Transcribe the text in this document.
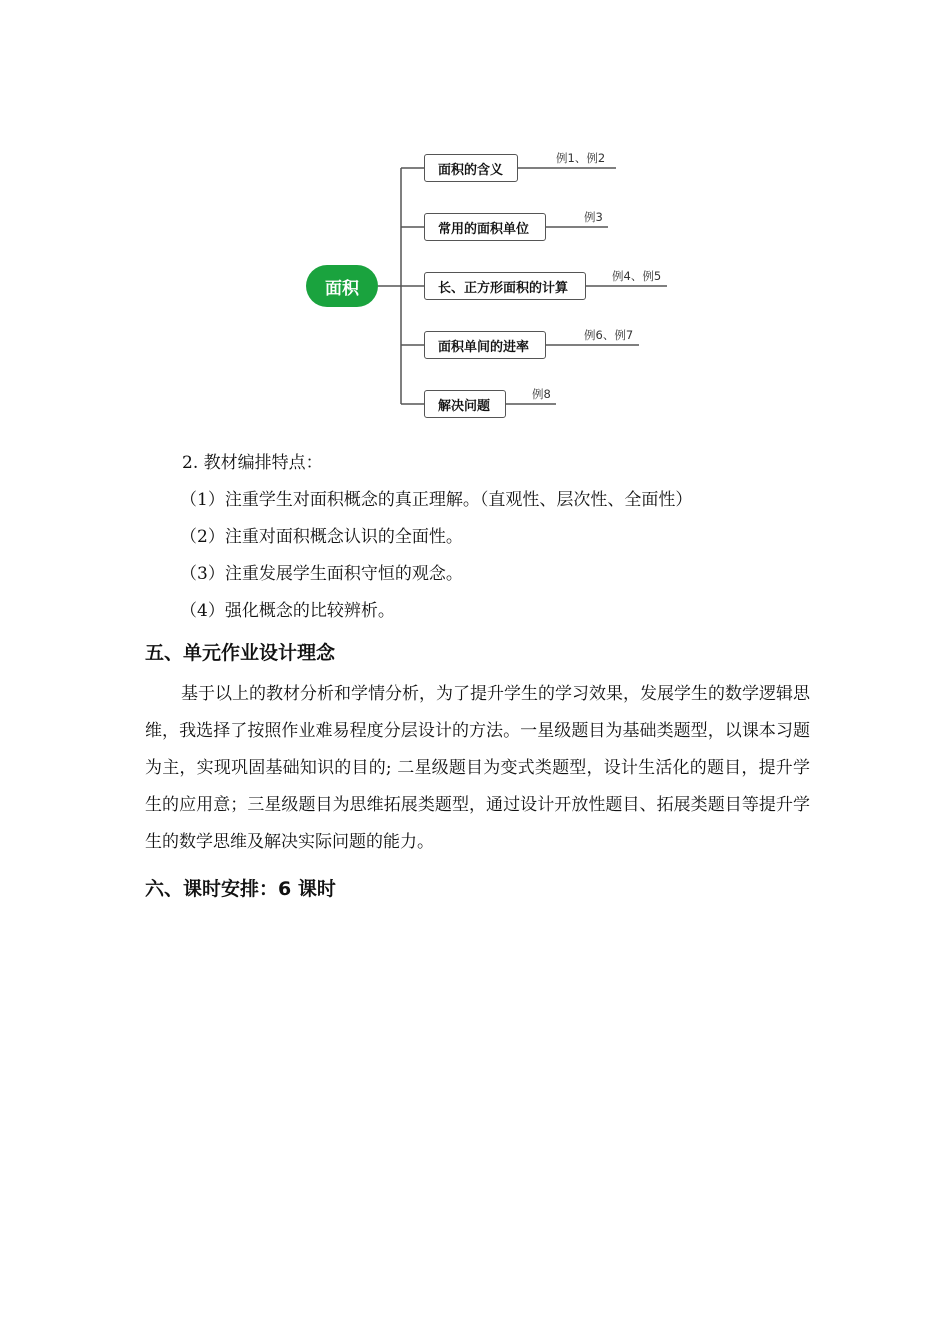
面积
面积的含义
常用的面积单位
长、正方形面积的计算
面积单间的进率
解决问题
例1、例2
例3
例4、例5
例6、例7
例8

2. 教材编排特点：

（1）注重学生对面积概念的真正理解。（直观性、层次性、全面性）

（2）注重对面积概念认识的全面性。

（3）注重发展学生面积守恒的观念。

（4）强化概念的比较辨析。

五、单元作业设计理念

基于以上的教材分析和学情分析，为了提升学生的学习效果，发展学生的数学逻辑思维，我选择了按照作业难易程度分层设计的方法。一星级题目为基础类题型，以课本习题为主，实现巩固基础知识的目的; 二星级题目为变式类题型，设计生活化的题目，提升学生的应用意；三星级题目为思维拓展类题型，通过设计开放性题目、拓展类题目等提升学生的数学思维及解决实际问题的能力。

六、课时安排：6 课时
